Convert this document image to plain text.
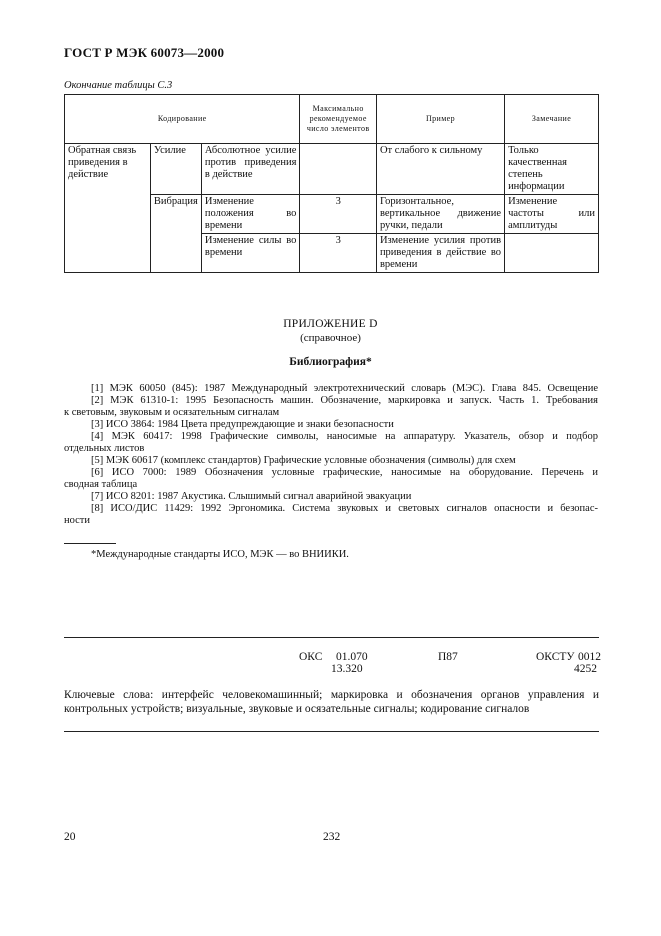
ГОСТ Р МЭК 60073—2000
Окончание таблицы С.3
Кодирование			Максимально рекомендуемое число элементов	Пример	Замечание
Обратная связь приведения в действие	Усилие	Абсолютное усилие против приведения в действие		От слабого к сильному	Только качественная степень информации
	Вибрация	Изменение положения во времени	3	Горизонтальное, вертикальное движение ручки, педали	Изменение частоты или амплитуды
		Изменение силы во времени	3	Изменение усилия против приведения в действие во времени	
ПРИЛОЖЕНИЕ D
(справочное)
Библиография*
[1] МЭК 60050 (845): 1987 Международный электротехнический словарь (МЭС). Глава 845. Освещение
[2] МЭК 61310-1: 1995 Безопасность машин. Обозначение, маркировка и запуск. Часть 1. Требования
к световым, звуковым и осязательным сигналам
[3] ИСО 3864: 1984 Цвета предупреждающие и знаки безопасности
[4] МЭК 60417: 1998 Графические символы, наносимые на аппаратуру. Указатель, обзор и подбор
отдельных листов
[5] МЭК 60617 (комплекс стандартов) Графические условные обозначения (символы) для схем
[6] ИСО 7000: 1989 Обозначения условные графические, наносимые на оборудование. Перечень и
сводная таблица
[7] ИСО 8201: 1987 Акустика. Слышимый сигнал аварийной эвакуации
[8] ИСО/ДИС 11429: 1992 Эргономика. Система звуковых и световых сигналов опасности и безопас-
ности
*Международные стандарты ИСО, МЭК — во ВНИИКИ.
ОКС 01.070
13.320
П87	ОКСТУ 0012
4252
Ключевые слова: интерфейс человекомашинный; маркировка и обозначения органов управления и контрольных устройств; визуальные, звуковые и осязательные сигналы; кодирование сигналов
20	232
